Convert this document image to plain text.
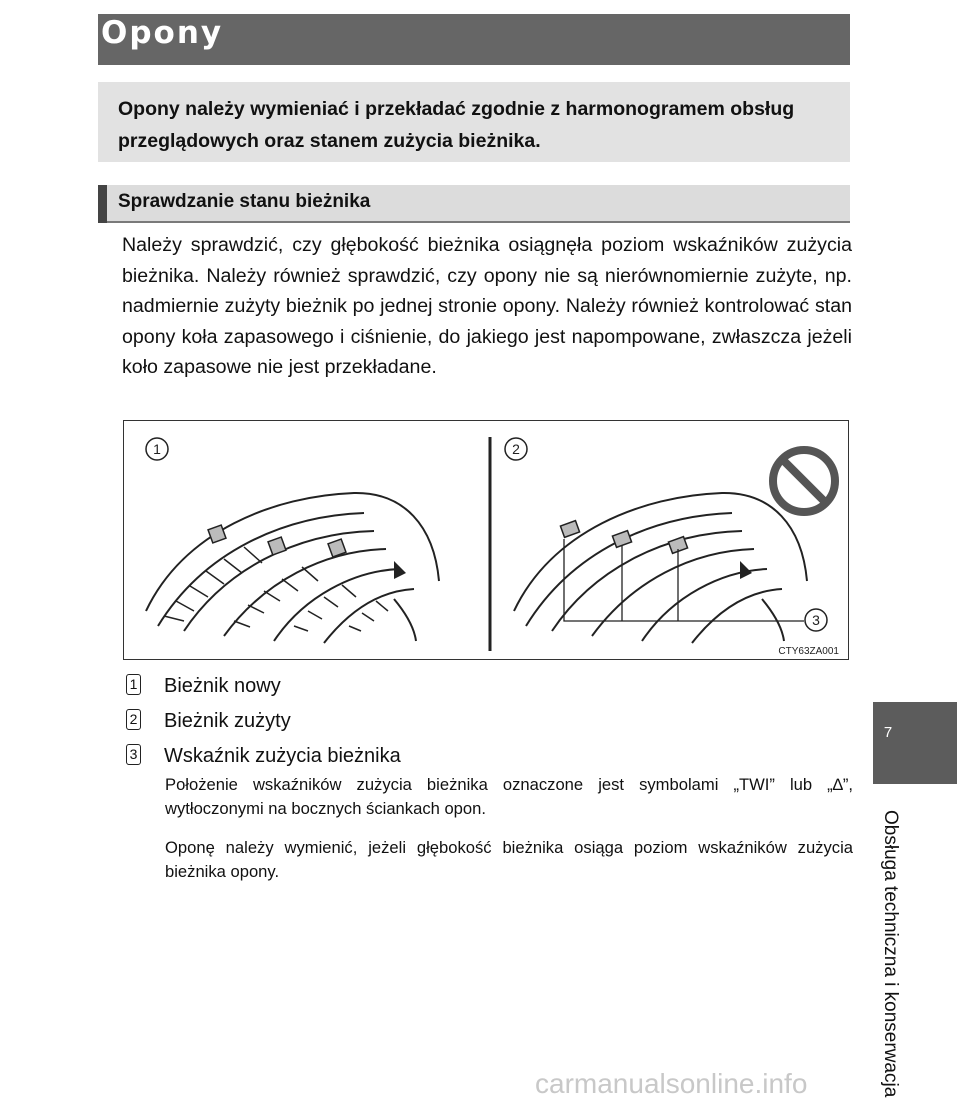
Opony
Opony należy wymieniać i przekładać zgodnie z harmonogramem obsług przeglądowych oraz stanem zużycia bieżnika.
Sprawdzanie stanu bieżnika
Należy sprawdzić, czy głębokość bieżnika osiągnęła poziom wskaźników zużycia bieżnika. Należy również sprawdzić, czy opony nie są nierównomiernie zużyte, np. nadmiernie zużyty bieżnik po jednej stronie opony. Należy również kontrolować stan opony koła zapasowego i ciśnienie, do jakiego jest napompowane, zwłaszcza jeżeli koło zapasowe nie jest przekładane.
1	2
3
CTY63ZA001
1 Bieżnik nowy
2 Bieżnik zużyty
3 Wskaźnik zużycia bieżnika
Położenie wskaźników zużycia bieżnika oznaczone jest symbolami „TWI” lub „∆”, wytłoczonymi na bocznych ściankach opon.
Oponę należy wymienić, jeżeli głębokość bieżnika osiąga poziom wskaźników zużycia bieżnika opony.
7
Obsługa techniczna i konserwacja
carmanualsonline.info
